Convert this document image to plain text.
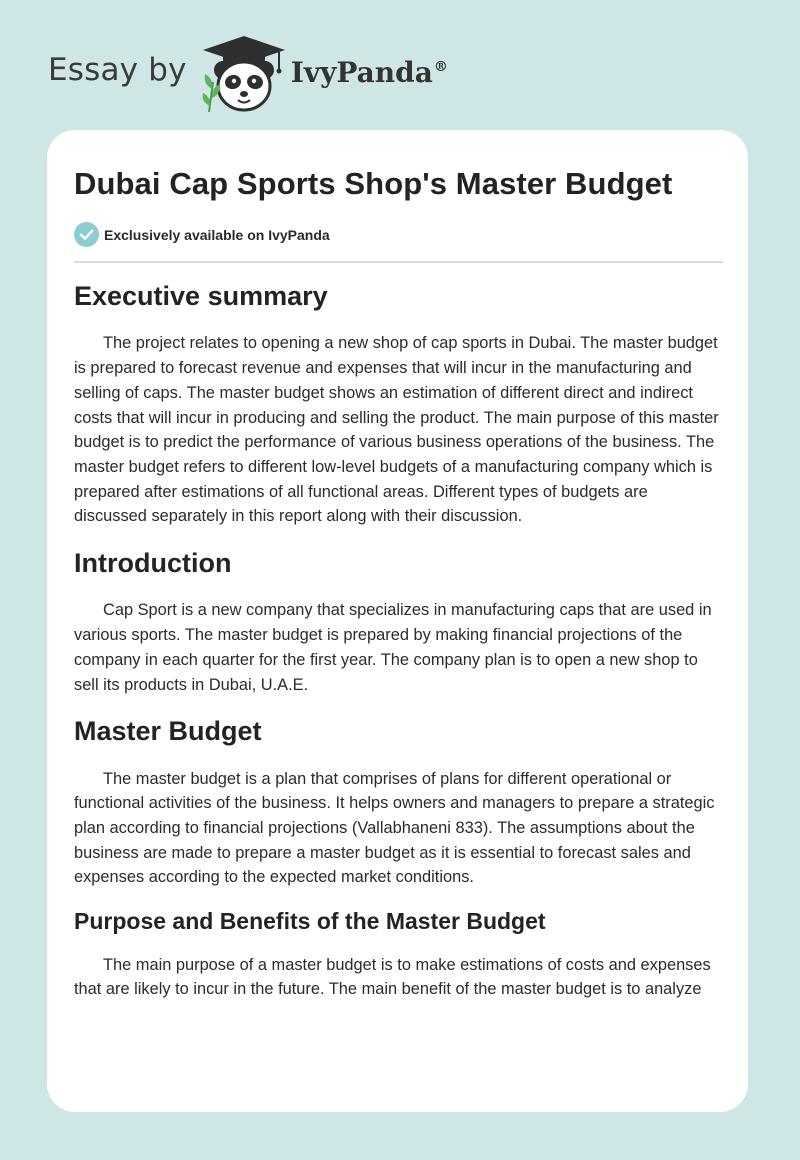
Essay by	IvyPanda®
Dubai Cap Sports Shop's Master Budget
Exclusively available on IvyPanda
Executive summary

The project relates to opening a new shop of cap sports in Dubai. The master budget is prepared to forecast revenue and expenses that will incur in the manufacturing and selling of caps. The master budget shows an estimation of different direct and indirect costs that will incur in producing and selling the product. The main purpose of this master budget is to predict the performance of various business operations of the business. The master budget refers to different low-level budgets of a manufacturing company which is prepared after estimations of all functional areas. Different types of budgets are discussed separately in this report along with their discussion.

Introduction

Cap Sport is a new company that specializes in manufacturing caps that are used in various sports. The master budget is prepared by making financial projections of the company in each quarter for the first year. The company plan is to open a new shop to sell its products in Dubai, U.A.E.

Master Budget

The master budget is a plan that comprises of plans for different operational or functional activities of the business. It helps owners and managers to prepare a strategic plan according to financial projections (Vallabhaneni 833). The assumptions about the business are made to prepare a master budget as it is essential to forecast sales and expenses according to the expected market conditions.

Purpose and Benefits of the Master Budget

The main purpose of a master budget is to make estimations of costs and expenses that are likely to incur in the future. The main benefit of the master budget is to analyze
